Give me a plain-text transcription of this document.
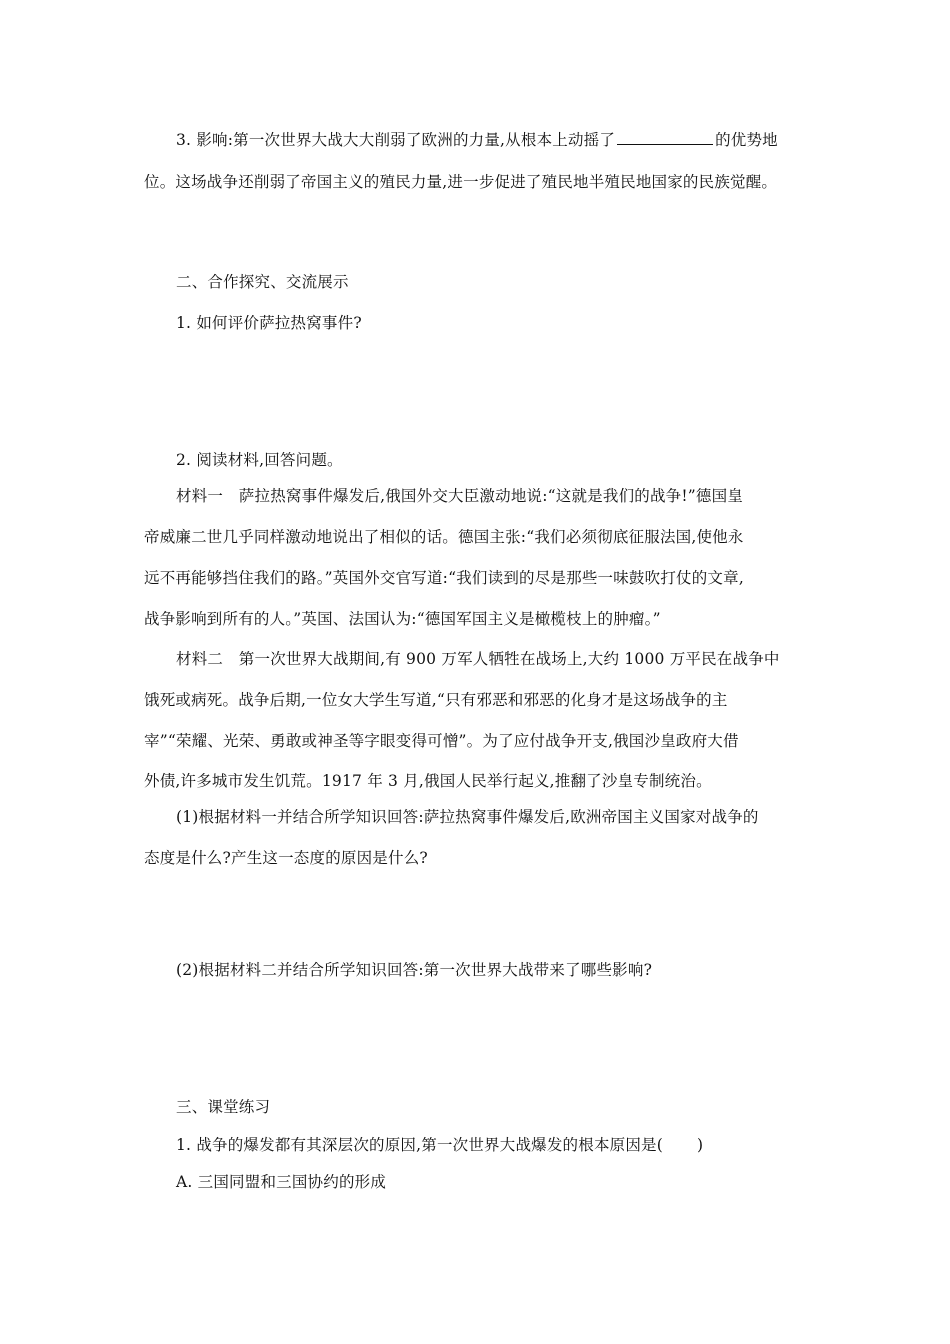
3. 影响:第一次世界大战大大削弱了欧洲的力量,从根本上动摇了	的优势地
位。这场战争还削弱了帝国主义的殖民力量,进一步促进了殖民地半殖民地国家的民族觉醒。
二、合作探究、交流展示
1. 如何评价萨拉热窝事件?
2. 阅读材料,回答问题。
材料一　萨拉热窝事件爆发后,俄国外交大臣激动地说:“这就是我们的战争!”德国皇
帝威廉二世几乎同样激动地说出了相似的话。德国主张:“我们必须彻底征服法国,使他永
远不再能够挡住我们的路。”英国外交官写道:“我们读到的尽是那些一味鼓吹打仗的文章,
战争影响到所有的人。”英国、法国认为:“德国军国主义是橄榄枝上的肿瘤。”
材料二　第一次世界大战期间,有 900 万军人牺牲在战场上,大约 1000 万平民在战争中
饿死或病死。战争后期,一位女大学生写道,“只有邪恶和邪恶的化身才是这场战争的主
宰”“荣耀、光荣、勇敢或神圣等字眼变得可憎”。为了应付战争开支,俄国沙皇政府大借
外债,许多城市发生饥荒。1917 年 3 月,俄国人民举行起义,推翻了沙皇专制统治。
(1)根据材料一并结合所学知识回答:萨拉热窝事件爆发后,欧洲帝国主义国家对战争的
态度是什么?产生这一态度的原因是什么?
(2)根据材料二并结合所学知识回答:第一次世界大战带来了哪些影响?
三、课堂练习
1. 战争的爆发都有其深层次的原因,第一次世界大战爆发的根本原因是( )
A. 三国同盟和三国协约的形成
